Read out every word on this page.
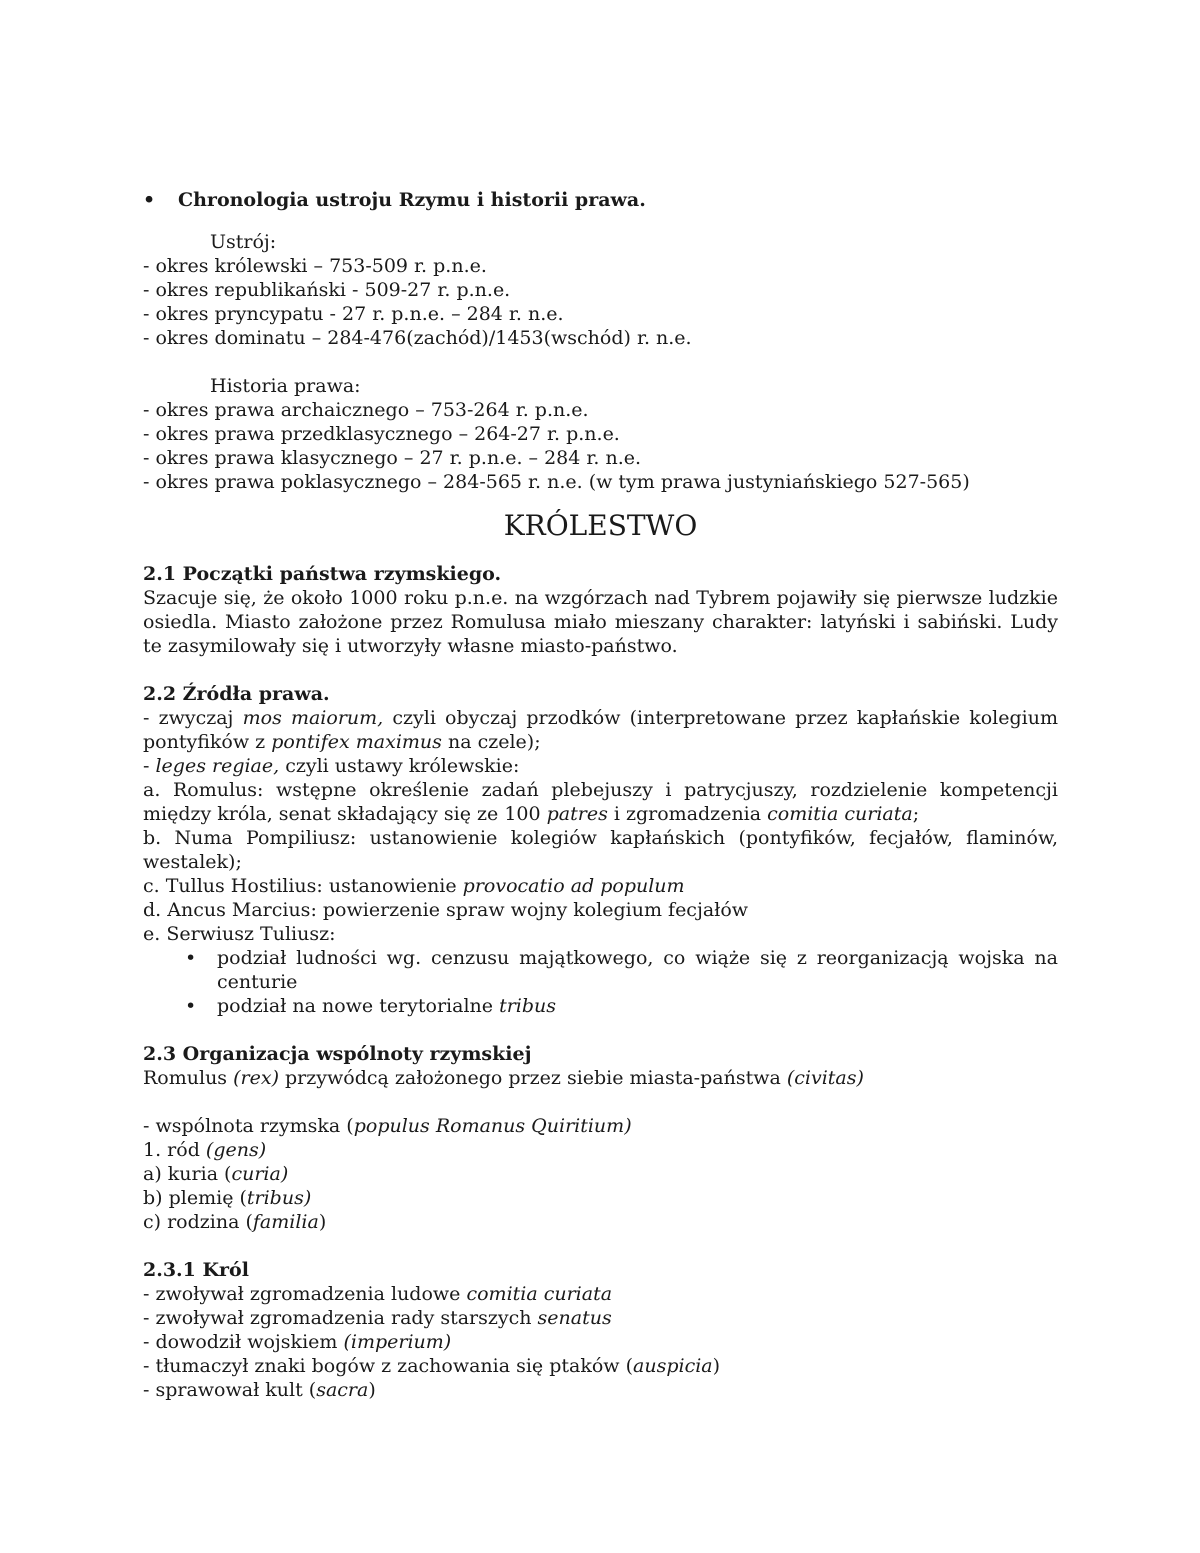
• Chronologia ustroju Rzymu i historii prawa.

Ustrój:

- okres królewski – 753-509 r. p.n.e.

- okres republikański - 509-27 r. p.n.e.

- okres pryncypatu - 27 r. p.n.e. – 284 r. n.e.

- okres dominatu – 284-476(zachód)/1453(wschód) r. n.e.

Historia prawa:

- okres prawa archaicznego – 753-264 r. p.n.e.

- okres prawa przedklasycznego – 264-27 r. p.n.e.

- okres prawa klasycznego – 27 r. p.n.e. – 284 r. n.e.

- okres prawa poklasycznego – 284-565 r. n.e. (w tym prawa justyniańskiego 527-565)

KRÓLESTWO

2.1 Początki państwa rzymskiego.

Szacuje się, że około 1000 roku p.n.e. na wzgórzach nad Tybrem pojawiły się pierwsze ludzkie osiedla. Miasto założone przez Romulusa miało mieszany charakter: latyński i sabiński. Ludy te zasymilowały się i utworzyły własne miasto-państwo.

2.2 Źródła prawa.

- zwyczaj mos maiorum, czyli obyczaj przodków (interpretowane przez kapłańskie kolegium pontyfików z pontifex maximus na czele);

- leges regiae, czyli ustawy królewskie:

a. Romulus: wstępne określenie zadań plebejuszy i patrycjuszy, rozdzielenie kompetencji między króla, senat składający się ze 100 patres i zgromadzenia comitia curiata;

b. Numa Pompiliusz: ustanowienie kolegiów kapłańskich (pontyfików, fecjałów, flaminów, westalek);

c. Tullus Hostilius: ustanowienie provocatio ad populum

d. Ancus Marcius: powierzenie spraw wojny kolegium fecjałów

e. Serwiusz Tuliusz:

• podział ludności wg. cenzusu majątkowego, co wiąże się z reorganizacją wojska na centurie
• podział na nowe terytorialne tribus
2.3 Organizacja wspólnoty rzymskiej

Romulus (rex) przywódcą założonego przez siebie miasta-państwa (civitas)

- wspólnota rzymska (populus Romanus Quiritium)

1. ród (gens)

a) kuria (curia)

b) plemię (tribus)

c) rodzina (familia)

2.3.1 Król

- zwoływał zgromadzenia ludowe comitia curiata

- zwoływał zgromadzenia rady starszych senatus

- dowodził wojskiem (imperium)

- tłumaczył znaki bogów z zachowania się ptaków (auspicia)

- sprawował kult (sacra)
